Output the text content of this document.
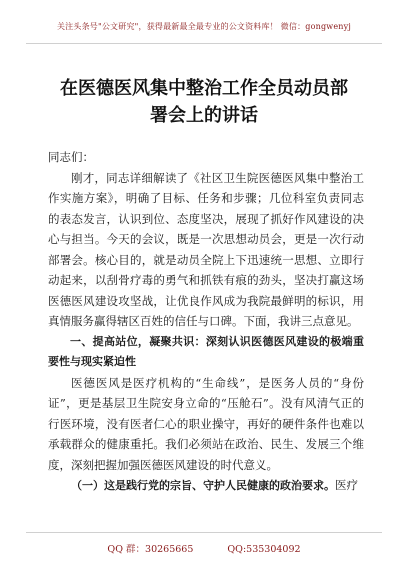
关注头条号"公文研究"，获得最新最全最专业的公文资料库！ 微信：gongwenyj
在医德医风集中整治工作全员动员部署会上的讲话

同志们：

刚才，同志详细解读了《社区卫生院医德医风集中整治工作实施方案》，明确了目标、任务和步骤；几位科室负责同志的表态发言，认识到位、态度坚决，展现了抓好作风建设的决心与担当。今天的会议，既是一次思想动员会，更是一次行动部署会。核心目的，就是动员全院上下迅速统一思想、立即行动起来，以刮骨疗毒的勇气和抓铁有痕的劲头，坚决打赢这场医德医风建设攻坚战，让优良作风成为我院最鲜明的标识，用真情服务赢得辖区百姓的信任与口碑。下面，我讲三点意见。

一、提高站位，凝聚共识：深刻认识医德医风建设的极端重要性与现实紧迫性

医德医风是医疗机构的“生命线”，是医务人员的“身份证”，更是基层卫生院安身立命的“压舱石”。没有风清气正的行医环境，没有医者仁心的职业操守，再好的硬件条件也难以承载群众的健康重托。我们必须站在政治、民生、发展三个维度，深刻把握加强医德医风建设的时代意义。

（一）这是践行党的宗旨、守护人民健康的政治要求。医疗

QQ 群：30265665	QQ:535304092
